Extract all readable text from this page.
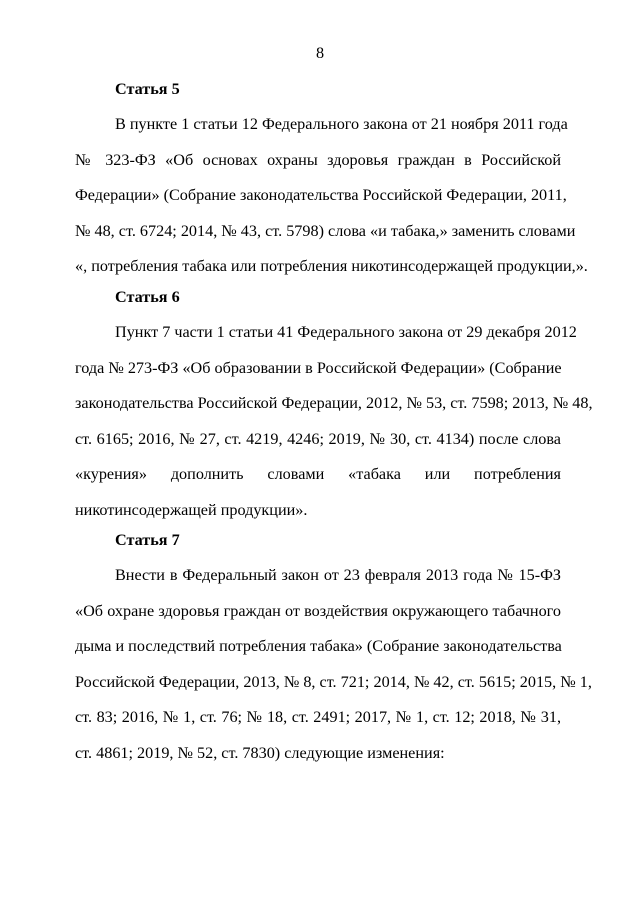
8
Статья 5
В пункте 1 статьи 12 Федерального закона от 21 ноября 2011 года
№ 323-ФЗ «Об основах охраны здоровья граждан в Российской
Федерации» (Собрание законодательства Российской Федерации, 2011,
№ 48, ст. 6724; 2014, № 43, ст. 5798) слова «и табака,» заменить словами
«, потребления табака или потребления никотинсодержащей продукции,».
Статья 6
Пункт 7 части 1 статьи 41 Федерального закона от 29 декабря 2012
года № 273-ФЗ «Об образовании в Российской Федерации» (Собрание
законодательства Российской Федерации, 2012, № 53, ст. 7598; 2013, № 48,
ст. 6165; 2016, № 27, ст. 4219, 4246; 2019, № 30, ст. 4134) после слова
«курения» дополнить словами «табака или потребления
никотинсодержащей продукции».
Статья 7
Внести в Федеральный закон от 23 февраля 2013 года № 15-ФЗ
«Об охране здоровья граждан от воздействия окружающего табачного
дыма и последствий потребления табака» (Собрание законодательства
Российской Федерации, 2013, № 8, ст. 721; 2014, № 42, ст. 5615; 2015, № 1,
ст. 83; 2016, № 1, ст. 76; № 18, ст. 2491; 2017, № 1, ст. 12; 2018, № 31,
ст. 4861; 2019, № 52, ст. 7830) следующие изменения:
